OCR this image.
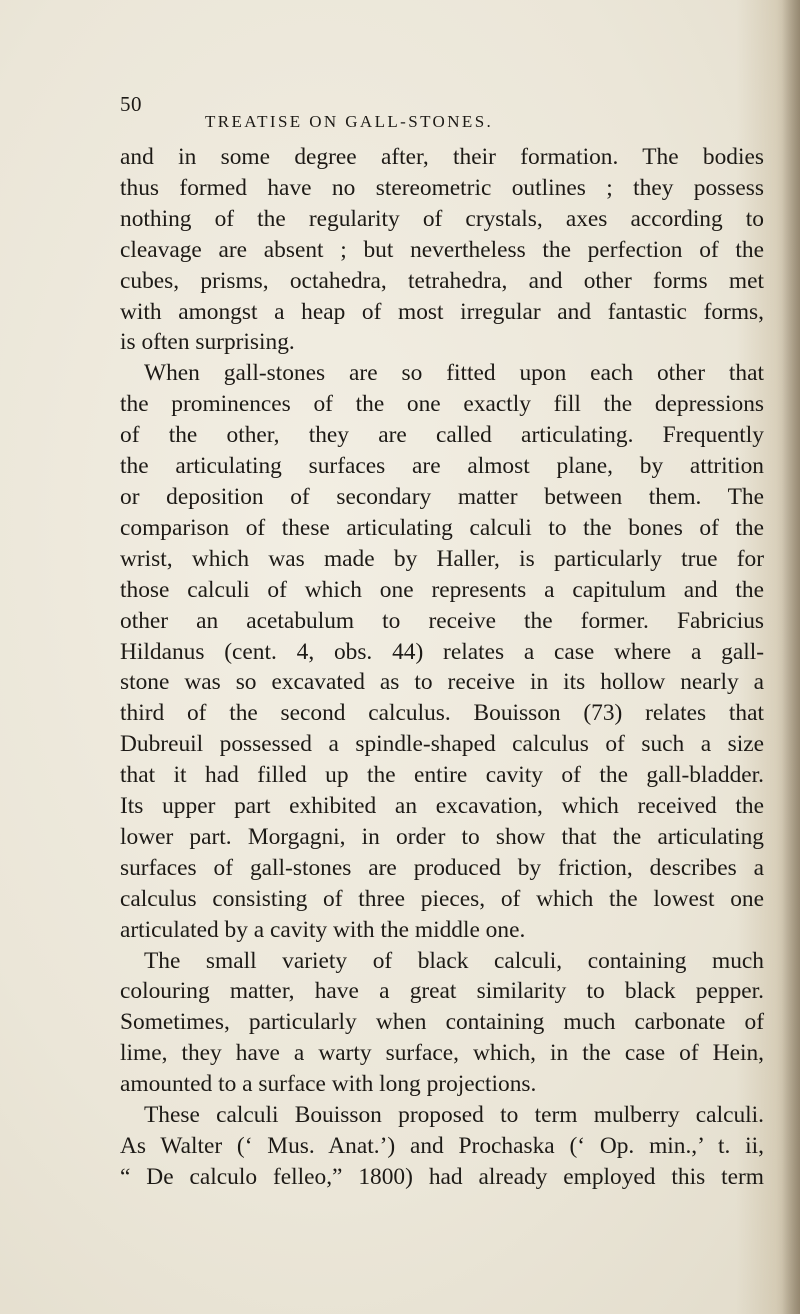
50
TREATISE ON GALL-STONES.
and in some degree after, their formation. The bodies
thus formed have no stereometric outlines ; they possess
nothing of the regularity of crystals, axes according to
cleavage are absent ; but nevertheless the perfection of the
cubes, prisms, octahedra, tetrahedra, and other forms met
with amongst a heap of most irregular and fantastic forms,
is often surprising.
When gall-stones are so fitted upon each other that
the prominences of the one exactly fill the depressions
of the other, they are called articulating. Frequently
the articulating surfaces are almost plane, by attrition
or deposition of secondary matter between them. The
comparison of these articulating calculi to the bones of the
wrist, which was made by Haller, is particularly true for
those calculi of which one represents a capitulum and the
other an acetabulum to receive the former. Fabricius
Hildanus (cent. 4, obs. 44) relates a case where a gall-
stone was so excavated as to receive in its hollow nearly a
third of the second calculus. Bouisson (73) relates that
Dubreuil possessed a spindle-shaped calculus of such a size
that it had filled up the entire cavity of the gall-bladder.
Its upper part exhibited an excavation, which received the
lower part. Morgagni, in order to show that the articulating
surfaces of gall-stones are produced by friction, describes a
calculus consisting of three pieces, of which the lowest one
articulated by a cavity with the middle one.
The small variety of black calculi, containing much
colouring matter, have a great similarity to black pepper.
Sometimes, particularly when containing much carbonate of
lime, they have a warty surface, which, in the case of Hein,
amounted to a surface with long projections.
These calculi Bouisson proposed to term mulberry calculi.
As Walter (‘ Mus. Anat.’) and Prochaska (‘ Op. min.,’ t. ii,
“ De calculo felleo,” 1800) had already employed this term
